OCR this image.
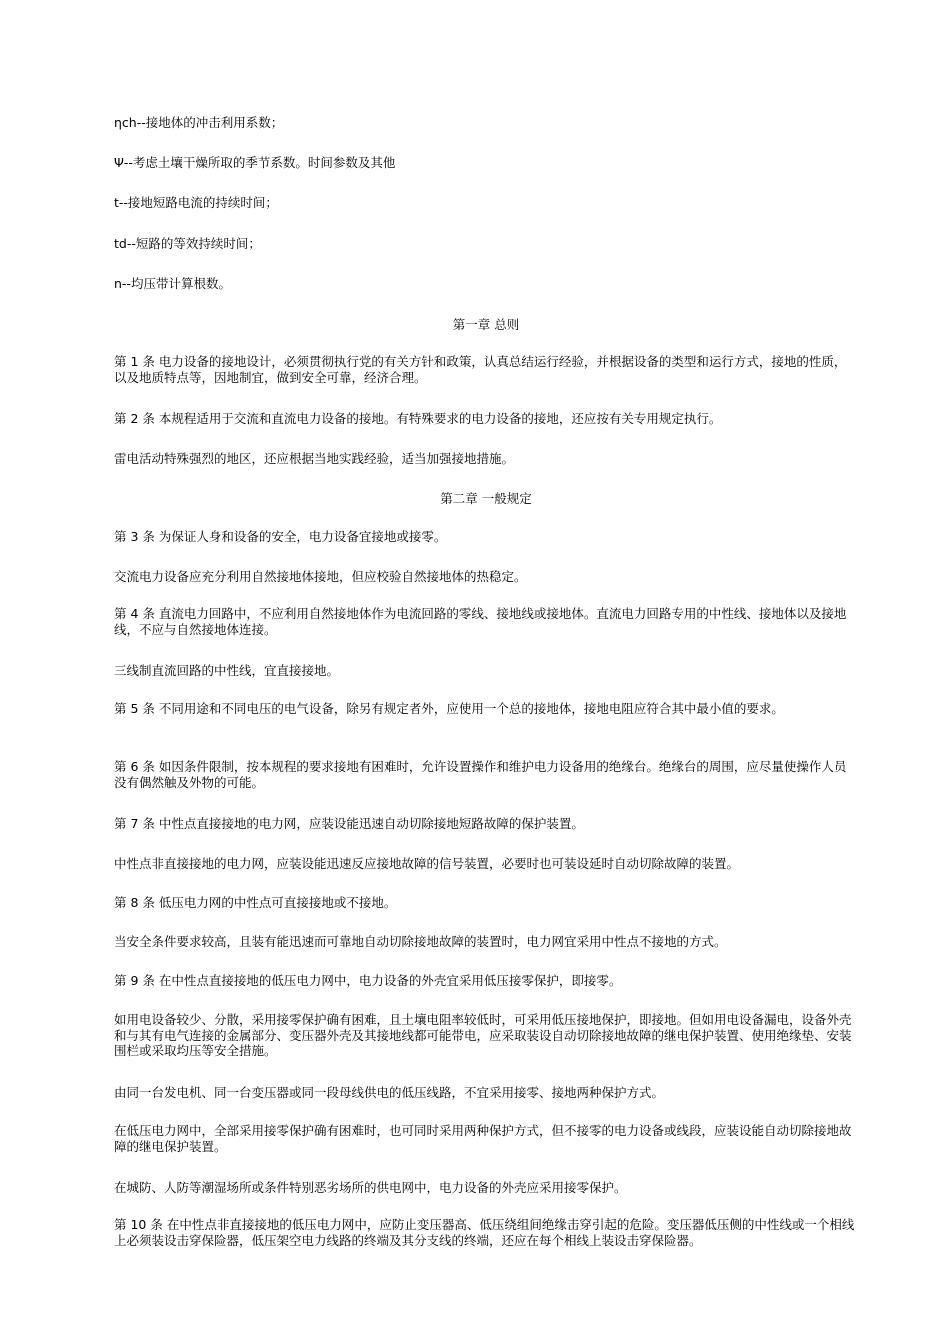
ηch--接地体的冲击利用系数；

Ψ--考虑土壤干燥所取的季节系数。时间参数及其他

t--接地短路电流的持续时间；

td--短路的等效持续时间；

n--均压带计算根数。

第一章 总则

第 1 条 电力设备的接地设计，必须贯彻执行党的有关方针和政策，认真总结运行经验，并根据设备的类型和运行方式，接地的性质，以及地质特点等，因地制宜，做到安全可靠，经济合理。

第 2 条 本规程适用于交流和直流电力设备的接地。有特殊要求的电力设备的接地，还应按有关专用规定执行。

雷电活动特殊强烈的地区，还应根据当地实践经验，适当加强接地措施。

第二章 一般规定

第 3 条 为保证人身和设备的安全，电力设备宜接地或接零。

交流电力设备应充分利用自然接地体接地，但应校验自然接地体的热稳定。

第 4 条 直流电力回路中，不应利用自然接地体作为电流回路的零线、接地线或接地体。直流电力回路专用的中性线、接地体以及接地线，不应与自然接地体连接。

三线制直流回路的中性线，宜直接接地。

第 5 条 不同用途和不同电压的电气设备，除另有规定者外，应使用一个总的接地体，接地电阻应符合其中最小值的要求。

第 6 条 如因条件限制，按本规程的要求接地有困难时，允许设置操作和维护电力设备用的绝缘台。绝缘台的周围，应尽量使操作人员没有偶然触及外物的可能。

第 7 条 中性点直接接地的电力网，应装设能迅速自动切除接地短路故障的保护装置。

中性点非直接接地的电力网，应装设能迅速反应接地故障的信号装置，必要时也可装设延时自动切除故障的装置。

第 8 条 低压电力网的中性点可直接接地或不接地。

当安全条件要求较高，且装有能迅速而可靠地自动切除接地故障的装置时，电力网宜采用中性点不接地的方式。

第 9 条 在中性点直接接地的低压电力网中，电力设备的外壳宜采用低压接零保护，即接零。

如用电设备较少、分散，采用接零保护确有困难，且土壤电阻率较低时，可采用低压接地保护，即接地。但如用电设备漏电，设备外壳和与其有电气连接的金属部分、变压器外壳及其接地线都可能带电，应采取装设自动切除接地故障的继电保护装置、使用绝缘垫、安装围栏或采取均压等安全措施。

由同一台发电机、同一台变压器或同一段母线供电的低压线路，不宜采用接零、接地两种保护方式。

在低压电力网中，全部采用接零保护确有困难时，也可同时采用两种保护方式，但不接零的电力设备或线段，应装设能自动切除接地故障的继电保护装置。

在城防、人防等潮湿场所或条件特别恶劣场所的供电网中，电力设备的外壳应采用接零保护。

第 10 条 在中性点非直接接地的低压电力网中，应防止变压器高、低压绕组间绝缘击穿引起的危险。变压器低压侧的中性线或一个相线上必须装设击穿保险器，低压架空电力线路的终端及其分支线的终端，还应在每个相线上装设击穿保险器。
